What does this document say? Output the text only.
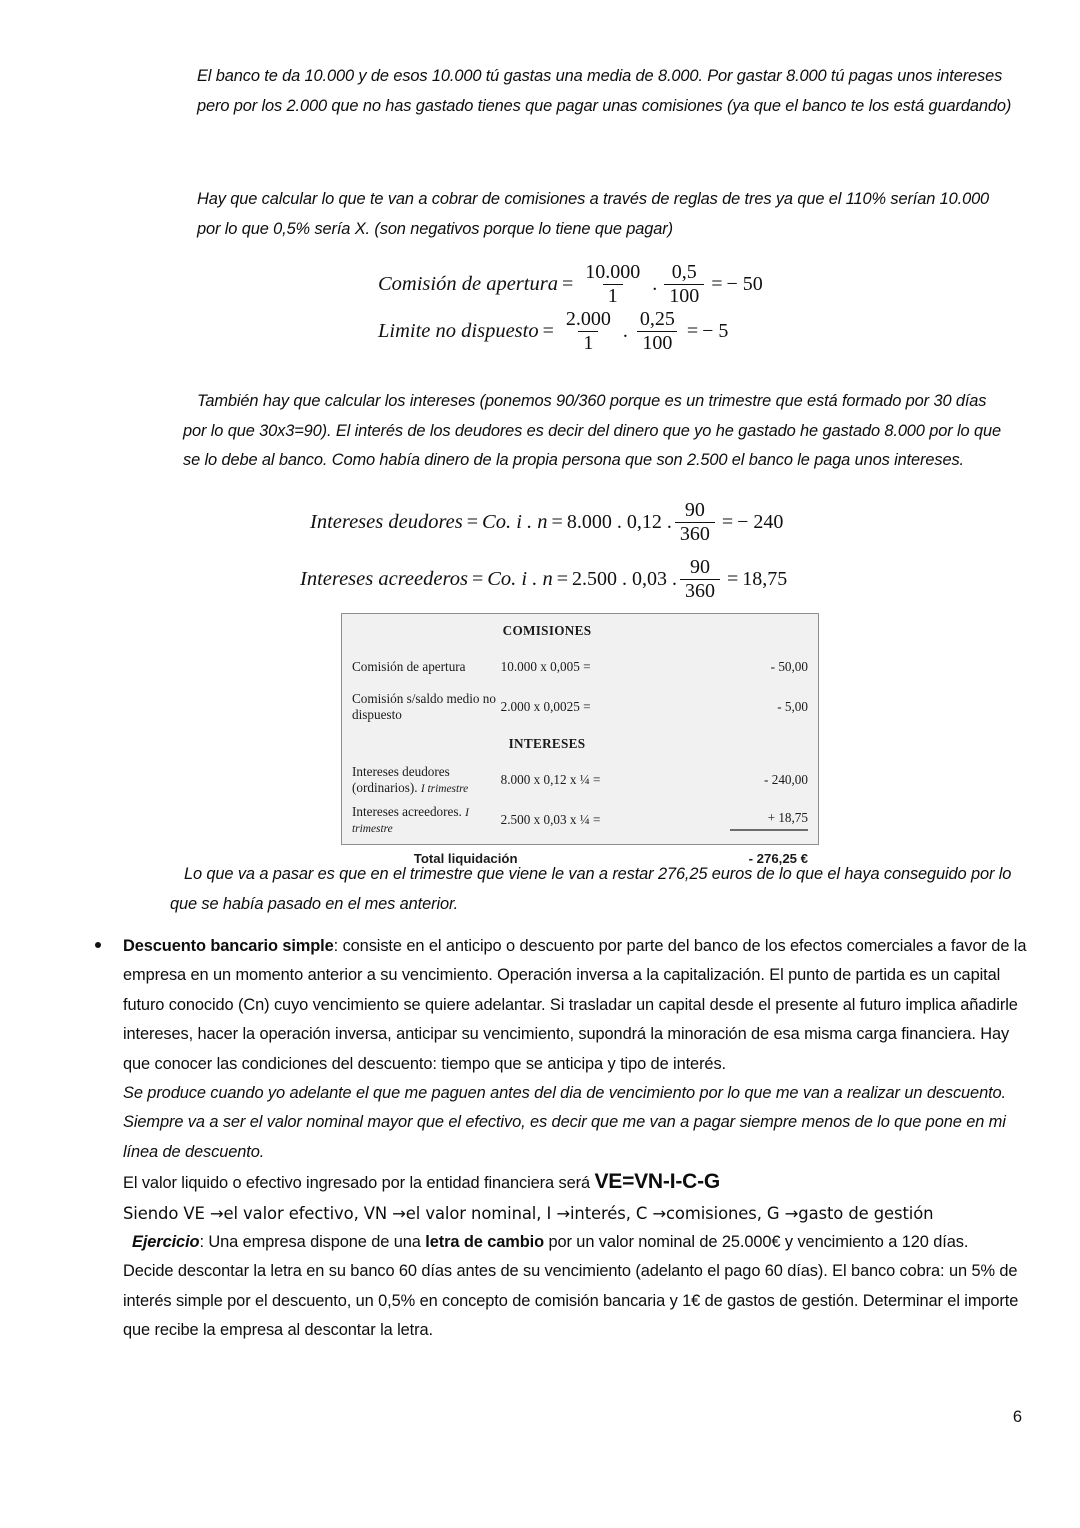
El banco te da 10.000 y de esos 10.000 tú gastas una media de 8.000. Por gastar 8.000 tú pagas unos intereses pero por los 2.000 que no has gastado tienes que pagar unas comisiones (ya que el banco te los está guardando)
Hay que calcular lo que te van a cobrar de comisiones a través de reglas de tres ya que el 110% serían 10.000 por lo que 0,5% sería X. (son negativos porque lo tiene que pagar)
Comisión de apertura = $\frac{10.000}{1}$ . $\frac{0,5}{100}$ = − 50
Limite no dispuesto = $\frac{2.000}{1}$ . $\frac{0,25}{100}$ = − 5
También hay que calcular los intereses (ponemos 90/360 porque es un trimestre que está formado por 30 días por lo que 30x3=90). El interés de los deudores es decir del dinero que yo he gastado he gastado 8.000 por lo que se lo debe al banco. Como había dinero de la propia persona que son 2.500 el banco le paga unos intereses.
Intereses deudores = Co. i . n = 8.000 . 0,12 . $\frac{90}{360}$ = − 240
Intereses acreederos = Co. i . n = 2.500 . 0,03 . $\frac{90}{360} = 18,75$
COMISIONES		
Comisión de apertura	10.000 x 0,005 =	- 50,00
Comisión s/saldo medio no dispuesto	2.000 x 0,0025 =	- 5,00
INTERESES		
Intereses deudores (ordinarios). I trimestre	8.000 x 0,12 x ¼ =	- 240,00
Intereses acreedores. I trimestre	2.500 x 0,03 x ¼ =	+ 18,75
Total liquidación		- 276,25 €
Lo que va a pasar es que en el trimestre que viene le van a restar 276,25 euros de lo que el haya conseguido por lo que se había pasado en el mes anterior.

Descuento bancario simple: consiste en el anticipo o descuento por parte del banco de los efectos comerciales a favor de la empresa en un momento anterior a su vencimiento. Operación inversa a la capitalización. El punto de partida es un capital futuro conocido (Cn) cuyo vencimiento se quiere adelantar. Si trasladar un capital desde el presente al futuro implica añadirle intereses, hacer la operación inversa, anticipar su vencimiento, supondrá la minoración de esa misma carga financiera. Hay que conocer las condiciones del descuento: tiempo que se anticipa y tipo de interés.

Se produce cuando yo adelante el que me paguen antes del dia de vencimiento por lo que me van a realizar un descuento. Siempre va a ser el valor nominal mayor que el efectivo, es decir que me van a pagar siempre menos de lo que pone en mi línea de descuento.

El valor liquido o efectivo ingresado por la entidad financiera será VE=VN-I-C-G

Siendo VE →el valor efectivo, VN →el valor nominal, I →interés, C →comisiones, G →gasto de gestión

Ejercicio: Una empresa dispone de una letra de cambio por un valor nominal de 25.000€ y vencimiento a 120 días.

Decide descontar la letra en su banco 60 días antes de su vencimiento (adelanto el pago 60 días). El banco cobra: un 5% de interés simple por el descuento, un 0,5% en concepto de comisión bancaria y 1€ de gastos de gestión. Determinar el importe que recibe la empresa al descontar la letra.

6
